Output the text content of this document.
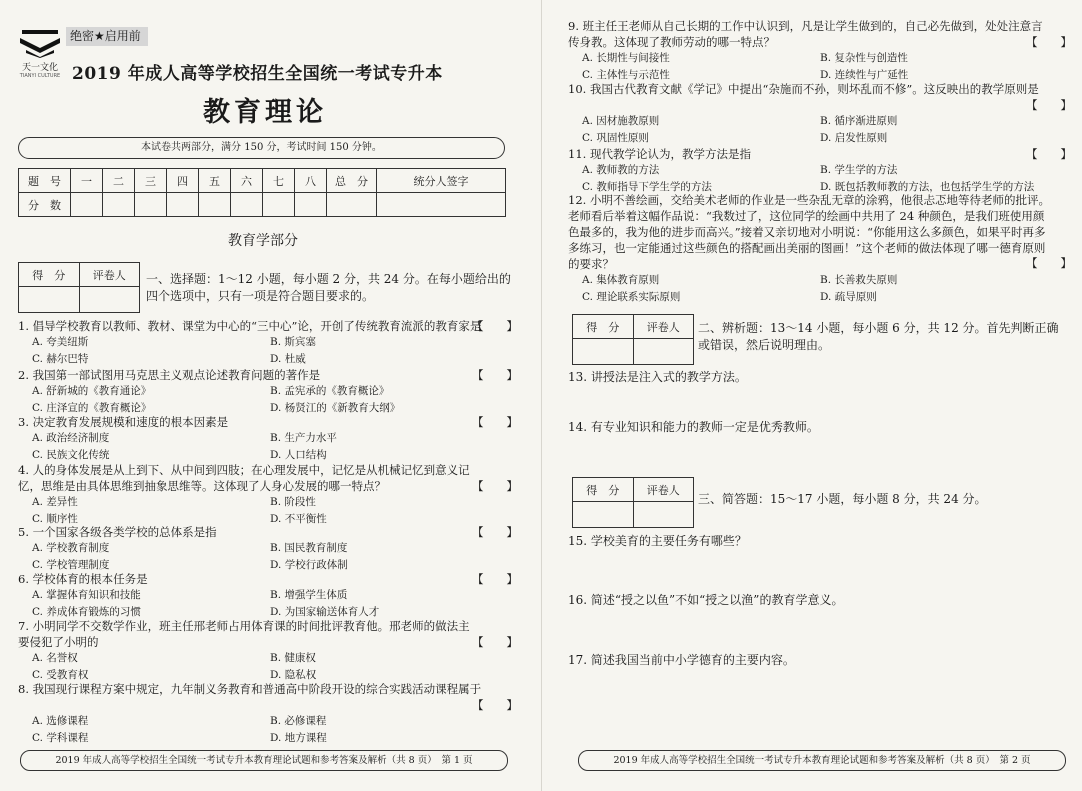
天一文化
TIANYI CULTURE
绝密★启用前
2019 年成人高等学校招生全国统一考试专升本
教育理论
本试卷共两部分，满分 150 分，考试时间 150 分钟。
题　号	一	二	三	四	五	六	七	八	总　分	统分人签字
分　数										
教育学部分
得　分	评卷人
	一、选择题：1～12 小题，每小题 2 分，共 24 分。在每小题给出的四个选项中，只有一项是符合题目要求的。
1. 倡导学校教育以教师、教材、课堂为中心的“三中心”论，开创了传统教育流派的教育家是
【　　】
A. 夸美纽斯	B. 斯宾塞
C. 赫尔巴特	D. 杜威
2. 我国第一部试图用马克思主义观点论述教育问题的著作是	【　　】
A. 舒新城的《教育通论》	B. 孟宪承的《教育概论》
C. 庄泽宣的《教育概论》	D. 杨贤江的《新教育大纲》
3. 决定教育发展规模和速度的根本因素是	【　　】
A. 政治经济制度	B. 生产力水平
C. 民族文化传统	D. 人口结构
4. 人的身体发展是从上到下、从中间到四肢；在心理发展中，记忆是从机械记忆到意义记忆，思维是由具体思维到抽象思维等。这体现了人身心发展的哪一特点？	【　　】
A. 差异性	B. 阶段性
C. 顺序性	D. 不平衡性
5. 一个国家各级各类学校的总体系是指	【　　】
A. 学校教育制度	B. 国民教育制度
C. 学校管理制度	D. 学校行政体制
6. 学校体育的根本任务是	【　　】
A. 掌握体育知识和技能	B. 增强学生体质
C. 养成体育锻炼的习惯	D. 为国家输送体育人才
7. 小明同学不交数学作业，班主任邢老师占用体育课的时间批评教育他。邢老师的做法主要侵犯了小明的	【　　】
A. 名誉权	B. 健康权
C. 受教育权	D. 隐私权
8. 我国现行课程方案中规定，九年制义务教育和普通高中阶段开设的综合实践活动课程属于
【　　】
A. 选修课程	B. 必修课程
C. 学科课程	D. 地方课程
2019 年成人高等学校招生全国统一考试专升本教育理论试题和参考答案及解析（共 8 页）　第 1 页
9. 班主任王老师从自己长期的工作中认识到，凡是让学生做到的，自己必先做到，处处注意言传身教。这体现了教师劳动的哪一特点？	【　　】
A. 长期性与间接性	B. 复杂性与创造性
C. 主体性与示范性	D. 连续性与广延性
10. 我国古代教育文献《学记》中提出“杂施而不孙，则坏乱而不修”。这反映出的教学原则是
【　　】
A. 因材施教原则	B. 循序渐进原则
C. 巩固性原则	D. 启发性原则
11. 现代教学论认为，教学方法是指	【　　】
A. 教师教的方法	B. 学生学的方法
C. 教师指导下学生学的方法	D. 既包括教师教的方法，也包括学生学的方法
12. 小明不善绘画，交给美术老师的作业是一些杂乱无章的涂鸦，他很忐忑地等待老师的批评。老师看后举着这幅作品说：“我数过了，这位同学的绘画中共用了 24 种颜色，是我们班使用颜色最多的，我为他的进步而高兴。”接着又亲切地对小明说：“你能用这么多颜色，如果平时再多多练习，也一定能通过这些颜色的搭配画出美丽的图画！”这个老师的做法体现了哪一德育原则的要求？	【　　】
A. 集体教育原则	B. 长善救失原则
C. 理论联系实际原则	D. 疏导原则
得　分	评卷人
	二、辨析题：13～14 小题，每小题 6 分，共 12 分。首先判断正确或错误，然后说明理由。
13. 讲授法是注入式的教学方法。
14. 有专业知识和能力的教师一定是优秀教师。
得　分	评卷人

三、简答题：15～17 小题，每小题 8 分，共 24 分。
15. 学校美育的主要任务有哪些？
16. 简述“授之以鱼”不如“授之以渔”的教育学意义。
17. 简述我国当前中小学德育的主要内容。
2019 年成人高等学校招生全国统一考试专升本教育理论试题和参考答案及解析（共 8 页）　第 2 页
